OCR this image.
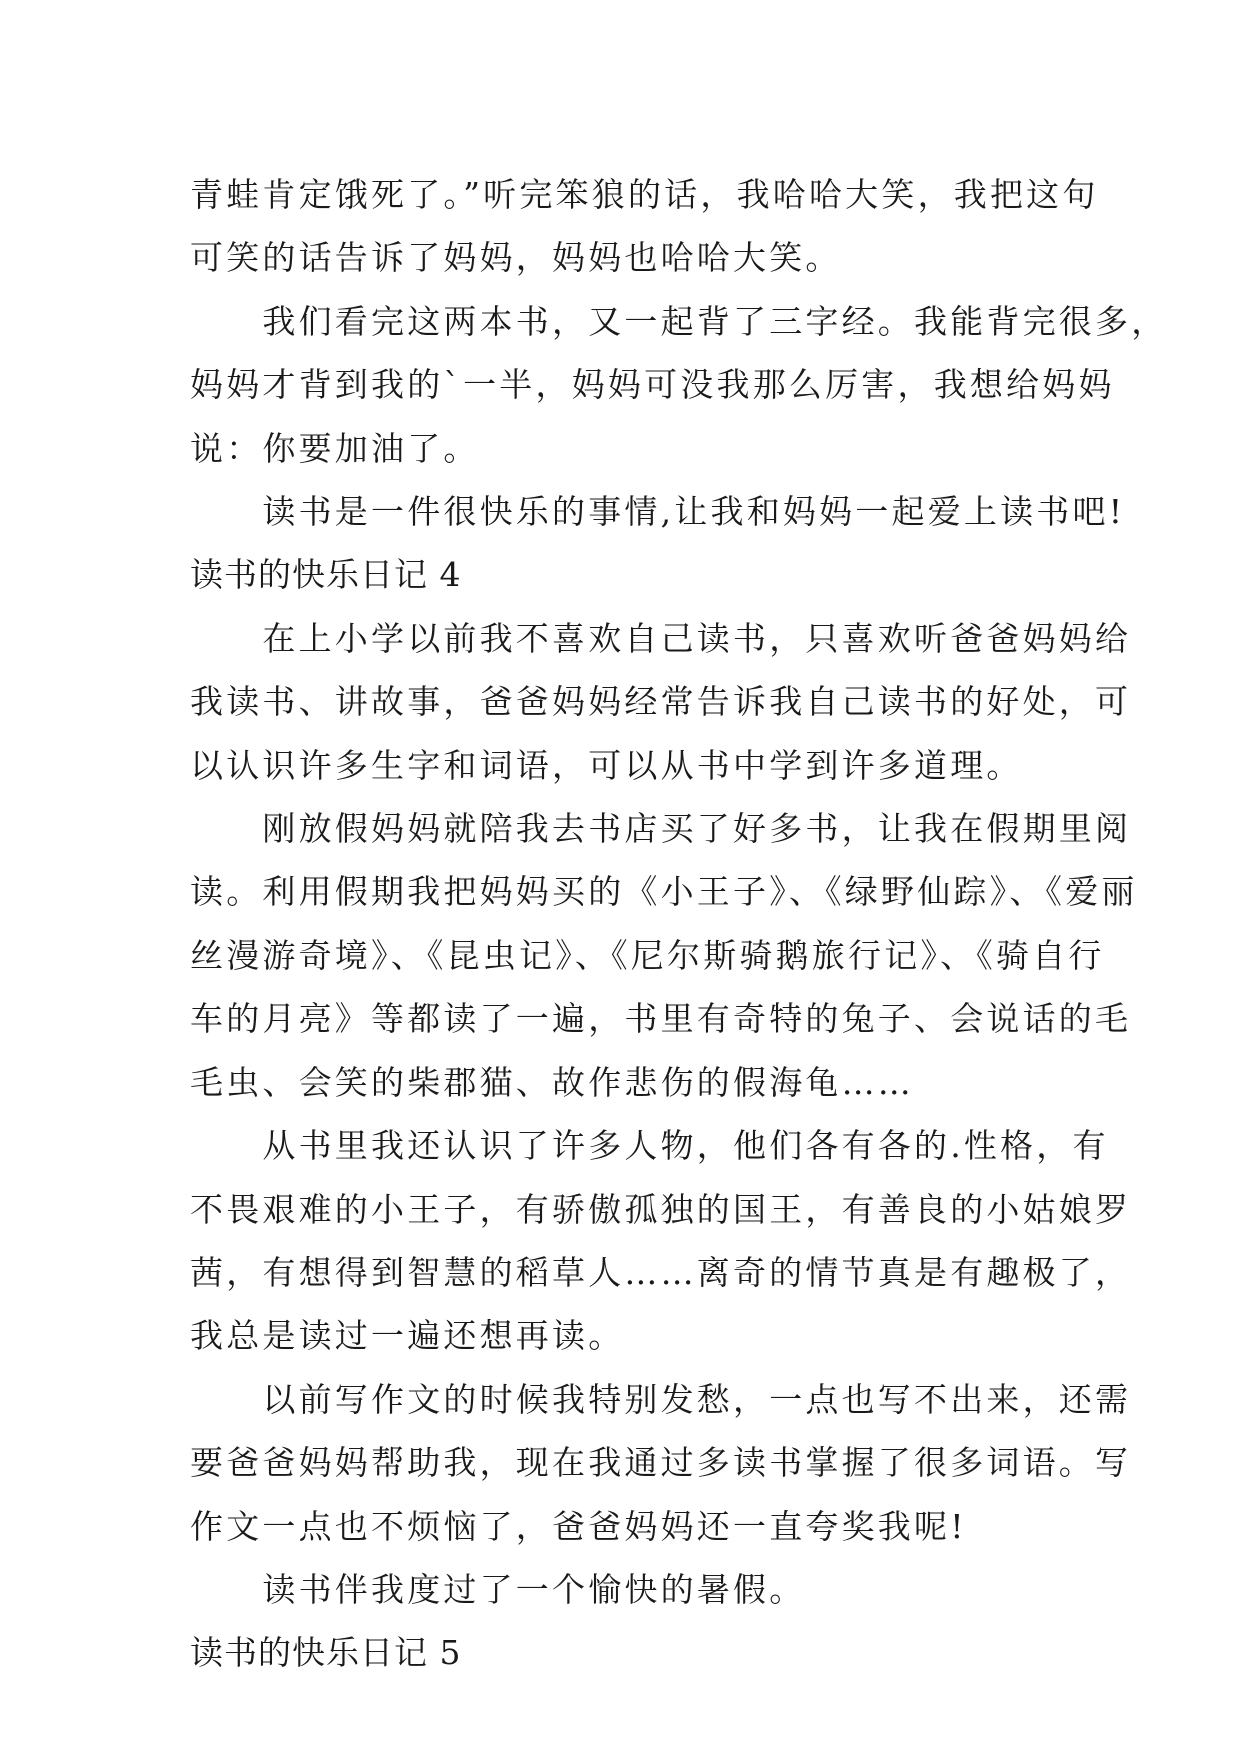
青蛙肯定饿死了。”听完笨狼的话，我哈哈大笑，我把这句

可笑的话告诉了妈妈，妈妈也哈哈大笑。

　　我们看完这两本书，又一起背了三字经。我能背完很多，

妈妈才背到我的`一半，妈妈可没我那么厉害，我想给妈妈

说：你要加油了。

　　读书是一件很快乐的事情,让我和妈妈一起爱上读书吧!

读书的快乐日记 4

　　在上小学以前我不喜欢自己读书，只喜欢听爸爸妈妈给

我读书、讲故事，爸爸妈妈经常告诉我自己读书的好处，可

以认识许多生字和词语，可以从书中学到许多道理。

　　刚放假妈妈就陪我去书店买了好多书，让我在假期里阅

读。利用假期我把妈妈买的《小王子》、《绿野仙踪》、《爱丽

丝漫游奇境》、《昆虫记》、《尼尔斯骑鹅旅行记》、《骑自行

车的月亮》等都读了一遍，书里有奇特的兔子、会说话的毛

毛虫、会笑的柴郡猫、故作悲伤的假海龟……

　　从书里我还认识了许多人物，他们各有各的.性格，有

不畏艰难的小王子，有骄傲孤独的国王，有善良的小姑娘罗

茜，有想得到智慧的稻草人……离奇的情节真是有趣极了，

我总是读过一遍还想再读。

　　以前写作文的时候我特别发愁，一点也写不出来，还需

要爸爸妈妈帮助我，现在我通过多读书掌握了很多词语。写

作文一点也不烦恼了，爸爸妈妈还一直夸奖我呢!

　　读书伴我度过了一个愉快的暑假。

读书的快乐日记 5
